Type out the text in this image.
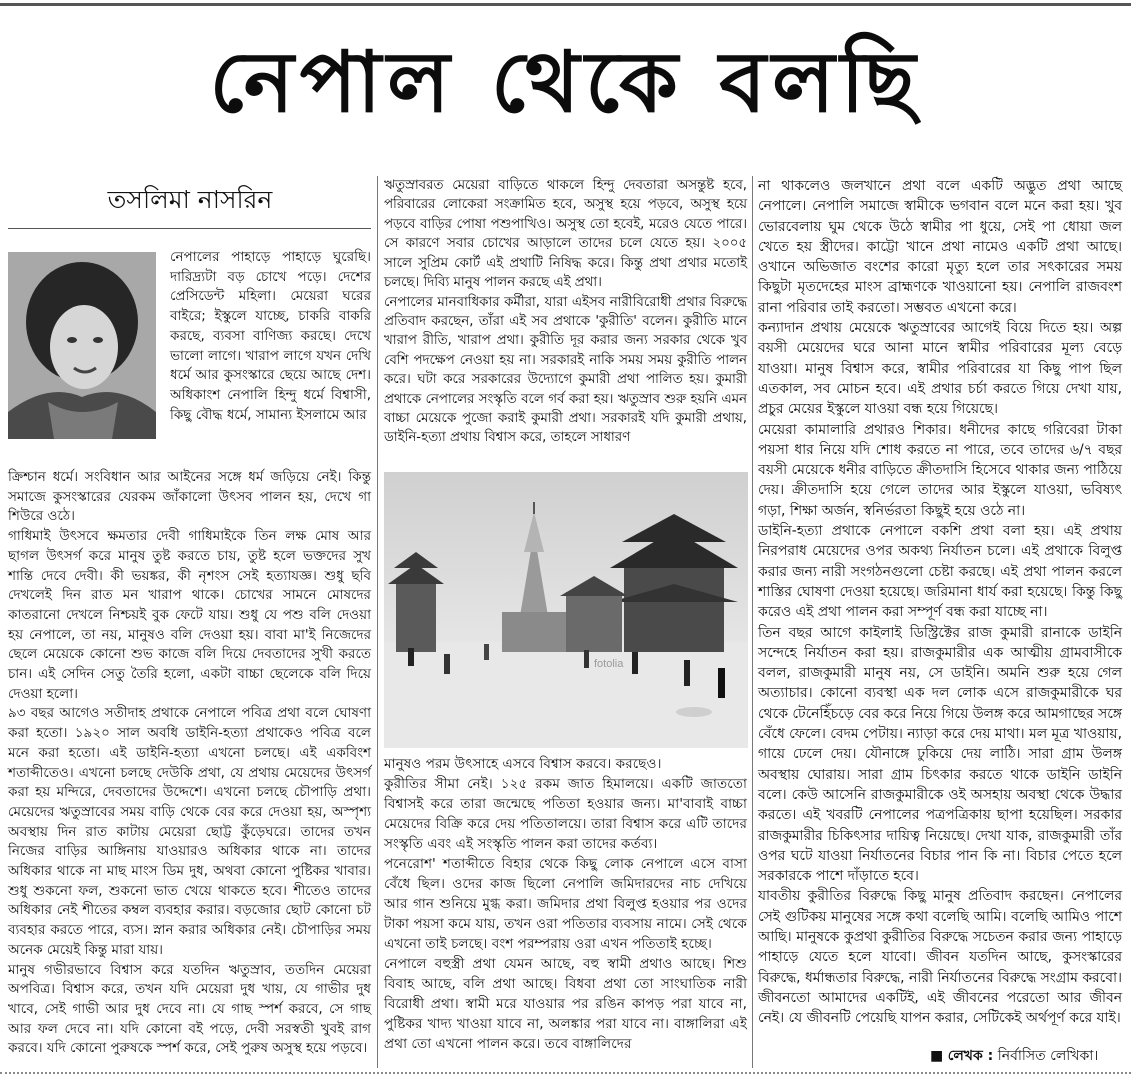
নেপাল থেকে বলছি
তসলিমা নাসরিন
নেপালের পাহাড়ে পাহাড়ে ঘুরেছি। দারিদ্র্যটা বড় চোখে পড়ে। দেশের প্রেসিডেন্ট মহিলা। মেয়েরা ঘরের বাইরে; ইস্কুলে যাচ্ছে, চাকরি বাকরি করছে, ব্যবসা বাণিজ্য করছে। দেখে ভালো লাগে। খারাপ লাগে যখন দেখি ধর্মে আর কুসংস্কারে ছেয়ে আছে দেশ। অধিকাংশ নেপালি হিন্দু ধর্মে বিশ্বাসী, কিছু বৌদ্ধ ধর্মে, সামান্য ইসলামে আর

ক্রিশ্চান ধর্মে। সংবিধান আর আইনের সঙ্গে ধর্ম জড়িয়ে নেই। কিন্তু সমাজে কুসংস্কারের যেরকম জাঁকালো উৎসব পালন হয়, দেখে গা শিউরে ওঠে।

গাধিমাই উৎসবে ক্ষমতার দেবী গাধিমাইকে তিন লক্ষ মোষ আর ছাগল উৎসর্গ করে মানুষ তুষ্ট করতে চায়, তুষ্ট হলে ভক্তদের সুখ শান্তি দেবে দেবী। কী ভয়ঙ্কর, কী নৃশংস সেই হত্যাযজ্ঞ। শুধু ছবি দেখলেই দিন রাত মন খারাপ থাকে। চোখের সামনে মোষদের কাতরানো দেখলে নিশ্চয়ই বুক ফেটে যায়। শুধু যে পশু বলি দেওয়া হয় নেপালে, তা নয়, মানুষও বলি দেওয়া হয়। বাবা মা'ই নিজেদের ছেলে মেয়েকে কোনো শুভ কাজে বলি দিয়ে দেবতাদের সুখী করতে চান। এই সেদিন সেতু তৈরি হলো, একটা বাচ্চা ছেলেকে বলি দিয়ে দেওয়া হলো।

৯৩ বছর আগেও সতীদাহ প্রথাকে নেপালে পবিত্র প্রথা বলে ঘোষণা করা হতো। ১৯২০ সাল অবধি ডাইনি-হত্যা প্রথাকেও পবিত্র বলে মনে করা হতো। এই ডাইনি-হত্যা এখনো চলছে। এই একবিংশ শতাব্দীতেও। এখনো চলছে দেউকি প্রথা, যে প্রথায় মেয়েদের উৎসর্গ করা হয় মন্দিরে, দেবতাদের উদ্দেশে। এখনো চলছে চৌপাড়ি প্রথা। মেয়েদের ঋতুস্রাবের সময় বাড়ি থেকে বের করে দেওয়া হয়, অস্পৃশ্য অবস্থায় দিন রাত কাটায় মেয়েরা ছোট্ট কুঁড়েঘরে। তাদের তখন নিজের বাড়ির আঙ্গিনায় যাওয়ারও অধিকার থাকে না। তাদের অধিকার থাকে না মাছ মাংস ডিম দুধ, অথবা কোনো পুষ্টিকর খাবার। শুধু শুকনো ফল, শুকনো ভাত খেয়ে থাকতে হবে। শীতেও তাদের অধিকার নেই শীতের কম্বল ব্যবহার করার। বড়জোর ছোট কোনো চট ব্যবহার করতে পারে, ব্যস। স্নান করার অধিকার নেই। চৌপাড়ির সময় অনেক মেয়েই কিন্তু মারা যায়।

মানুষ গভীরভাবে বিশ্বাস করে যতদিন ঋতুস্রাব, ততদিন মেয়েরা অপবিত্র। বিশ্বাস করে, তখন যদি মেয়েরা দুধ খায়, যে গাভীর দুধ খাবে, সেই গাভী আর দুধ দেবে না। যে গাছ স্পর্শ করবে, সে গাছ আর ফল দেবে না। যদি কোনো বই পড়ে, দেবী সরস্বতী খুবই রাগ করবে। যদি কোনো পুরুষকে স্পর্শ করে, সেই পুরুষ অসুস্থ হয়ে পড়বে।

ঋতুস্রাবরত মেয়েরা বাড়িতে থাকলে হিন্দু দেবতারা অসন্তুষ্ট হবে, পরিবারের লোকেরা সংক্রামিত হবে, অসুস্থ হয়ে পড়বে, অসুস্থ হয়ে পড়বে বাড়ির পোষা পশুপাখিও। অসুস্থ তো হবেই, মরেও যেতে পারে। সে কারণে সবার চোখের আড়ালে তাদের চলে যেতে হয়। ২০০৫ সালে সুপ্রিম কোর্ট এই প্রথাটি নিষিদ্ধ করে। কিন্তু প্রথা প্রথার মতোই চলছে। দিব্যি মানুষ পালন করছে এই প্রথা।

নেপালের মানবাধিকার কর্মীরা, যারা এইসব নারীবিরোধী প্রথার বিরুদ্ধে প্রতিবাদ করছেন, তাঁরা এই সব প্রথাকে 'কুরীতি' বলেন। কুরীতি মানে খারাপ রীতি, খারাপ প্রথা। কুরীতি দূর করার জন্য সরকার থেকে খুব বেশি পদক্ষেপ নেওয়া হয় না। সরকারই নাকি সময় সময় কুরীতি পালন করে। ঘটা করে সরকারের উদ্যোগে কুমারী প্রথা পালিত হয়। কুমারী প্রথাকে নেপালের সংস্কৃতি বলে গর্ব করা হয়। ঋতুস্রাব শুরু হয়নি এমন বাচ্চা মেয়েকে পুজো করাই কুমারী প্রথা। সরকারই যদি কুমারী প্রথায়, ডাইনি-হত্যা প্রথায় বিশ্বাস করে, তাহলে সাধারণ

fotolia

মানুষও পরম উৎসাহে এসবে বিশ্বাস করবে। করছেও।

কুরীতির সীমা নেই। ১২৫ রকম জাত হিমালয়ে। একটি জাততো বিশ্বাসই করে তারা জন্মেছে পতিতা হওয়ার জন্য। মা'বাবাই বাচ্চা মেয়েদের বিক্রি করে দেয় পতিতালয়ে। তারা বিশ্বাস করে এটি তাদের সংস্কৃতি এবং এই সংস্কৃতি পালন করা তাদের কর্তব্য।

পনেরোশ' শতাব্দীতে বিহার থেকে কিছু লোক নেপালে এসে বাসা বেঁধে ছিল। ওদের কাজ ছিলো নেপালি জমিদারদের নাচ দেখিয়ে আর গান শুনিয়ে মুগ্ধ করা। জমিদার প্রথা বিলুপ্ত হওয়ার পর ওদের টাকা পয়সা কমে যায়, তখন ওরা পতিতার ব্যবসায় নামে। সেই থেকে এখনো তাই চলছে। বংশ পরম্পরায় ওরা এখন পতিতাই হচ্ছে।

নেপালে বহুস্ত্রী প্রথা যেমন আছে, বহু স্বামী প্রথাও আছে। শিশু বিবাহ আছে, বলি প্রথা আছে। বিধবা প্রথা তো সাংঘাতিক নারী বিরোধী প্রথা। স্বামী মরে যাওয়ার পর রঙিন কাপড় পরা যাবে না, পুষ্টিকর খাদ্য খাওয়া যাবে না, অলঙ্কার পরা যাবে না। বাঙ্গালিরা এই প্রথা তো এখনো পালন করে। তবে বাঙ্গালিদের

না থাকলেও জলখানে প্রথা বলে একটি অদ্ভুত প্রথা আছে নেপালে। নেপালি সমাজে স্বামীকে ভগবান বলে মনে করা হয়। খুব ভোরবেলায় ঘুম থেকে উঠে স্বামীর পা ধুয়ে, সেই পা ধোয়া জল খেতে হয় স্ত্রীদের। কাট্টো খানে প্রথা নামেও একটি প্রথা আছে। ওখানে অভিজাত বংশের কারো মৃত্যু হলে তার সৎকারের সময় কিছুটা মৃতদেহের মাংস ব্রাহ্মণকে খাওয়ানো হয়। নেপালি রাজবংশ রানা পরিবার তাই করতো। সম্ভবত এখনো করে।

কন্যাদান প্রথায় মেয়েকে ঋতুস্রাবের আগেই বিয়ে দিতে হয়। অল্প বয়সী মেয়েদের ঘরে আনা মানে স্বামীর পরিবারের মূল্য বেড়ে যাওয়া। মানুষ বিশ্বাস করে, স্বামীর পরিবারের যা কিছু পাপ ছিল এতকাল, সব মোচন হবে। এই প্রথার চর্চা করতে গিয়ে দেখা যায়, প্রচুর মেয়ের ইস্কুলে যাওয়া বন্ধ হয়ে গিয়েছে।

মেয়েরা কামালারি প্রথারও শিকার। ধনীদের কাছে গরিবেরা টাকা পয়সা ধার নিয়ে যদি শোধ করতে না পারে, তবে তাদের ৬/৭ বছর বয়সী মেয়েকে ধনীর বাড়িতে ক্রীতদাসি হিসেবে থাকার জন্য পাঠিয়ে দেয়। ক্রীতদাসি হয়ে গেলে তাদের আর ইস্কুলে যাওয়া, ভবিষ্যৎ গড়া, শিক্ষা অর্জন, স্বনির্ভরতা কিছুই হয়ে ওঠে না।

ডাইনি-হত্যা প্রথাকে নেপালে বকশি প্রথা বলা হয়। এই প্রথায় নিরপরাধ মেয়েদের ওপর অকথ্য নির্যাতন চলে। এই প্রথাকে বিলুপ্ত করার জন্য নারী সংগঠনগুলো চেষ্টা করছে। এই প্রথা পালন করলে শাস্তির ঘোষণা দেওয়া হয়েছে। জরিমানা ধার্য করা হয়েছে। কিন্তু কিছু করেও এই প্রথা পালন করা সম্পূর্ণ বন্ধ করা যাচ্ছে না।

তিন বছর আগে কাইলাই ডিস্ট্রিক্টের রাজ কুমারী রানাকে ডাইনি সন্দেহে নির্যাতন করা হয়। রাজকুমারীর এক আত্মীয় গ্রামবাসীকে বলল, রাজকুমারী মানুষ নয়, সে ডাইনি। অমনি শুরু হয়ে গেল অত্যাচার। কোনো ব্যবস্থা এক দল লোক এসে রাজকুমারীকে ঘর থেকে টেনেহিঁচড়ে বের করে নিয়ে গিয়ে উলঙ্গ করে আমগাছের সঙ্গে বেঁধে ফেলে। বেদম পেটায়। ন্যাড়া করে দেয় মাথা। মল মূত্র খাওয়ায়, গায়ে ঢেলে দেয়। যৌনাঙ্গে ঢুকিয়ে দেয় লাঠি। সারা গ্রাম উলঙ্গ অবস্থায় ঘোরায়। সারা গ্রাম চিৎকার করতে থাকে ডাইনি ডাইনি বলে। কেউ আসেনি রাজকুমারীকে ওই অসহায় অবস্থা থেকে উদ্ধার করতে। এই খবরটি নেপালের পত্রপত্রিকায় ছাপা হয়েছিল। সরকার রাজকুমারীর চিকিৎসার দায়িত্ব নিয়েছে। দেখা যাক, রাজকুমারী তাঁর ওপর ঘটে যাওয়া নির্যাতনের বিচার পান কি না। বিচার পেতে হলে সরকারকে পাশে দাঁড়াতে হবে।

যাবতীয় কুরীতির বিরুদ্ধে কিছু মানুষ প্রতিবাদ করছেন। নেপালের সেই গুটিকয় মানুষের সঙ্গে কথা বলেছি আমি। বলেছি আমিও পাশে আছি। মানুষকে কুপ্রথা কুরীতির বিরুদ্ধে সচেতন করার জন্য পাহাড়ে পাহাড়ে যেতে হলে যাবো। জীবন যতদিন আছে, কুসংস্কারের বিরুদ্ধে, ধর্মান্ধতার বিরুদ্ধে, নারী নির্যাতনের বিরুদ্ধে সংগ্রাম করবো। জীবনতো আমাদের একটিই, এই জীবনের পরেতো আর জীবন নেই। যে জীবনটি পেয়েছি যাপন করার, সেটিকেই অর্থপূর্ণ করে যাই।

■ লেখক : নির্বাসিত লেখিকা।
